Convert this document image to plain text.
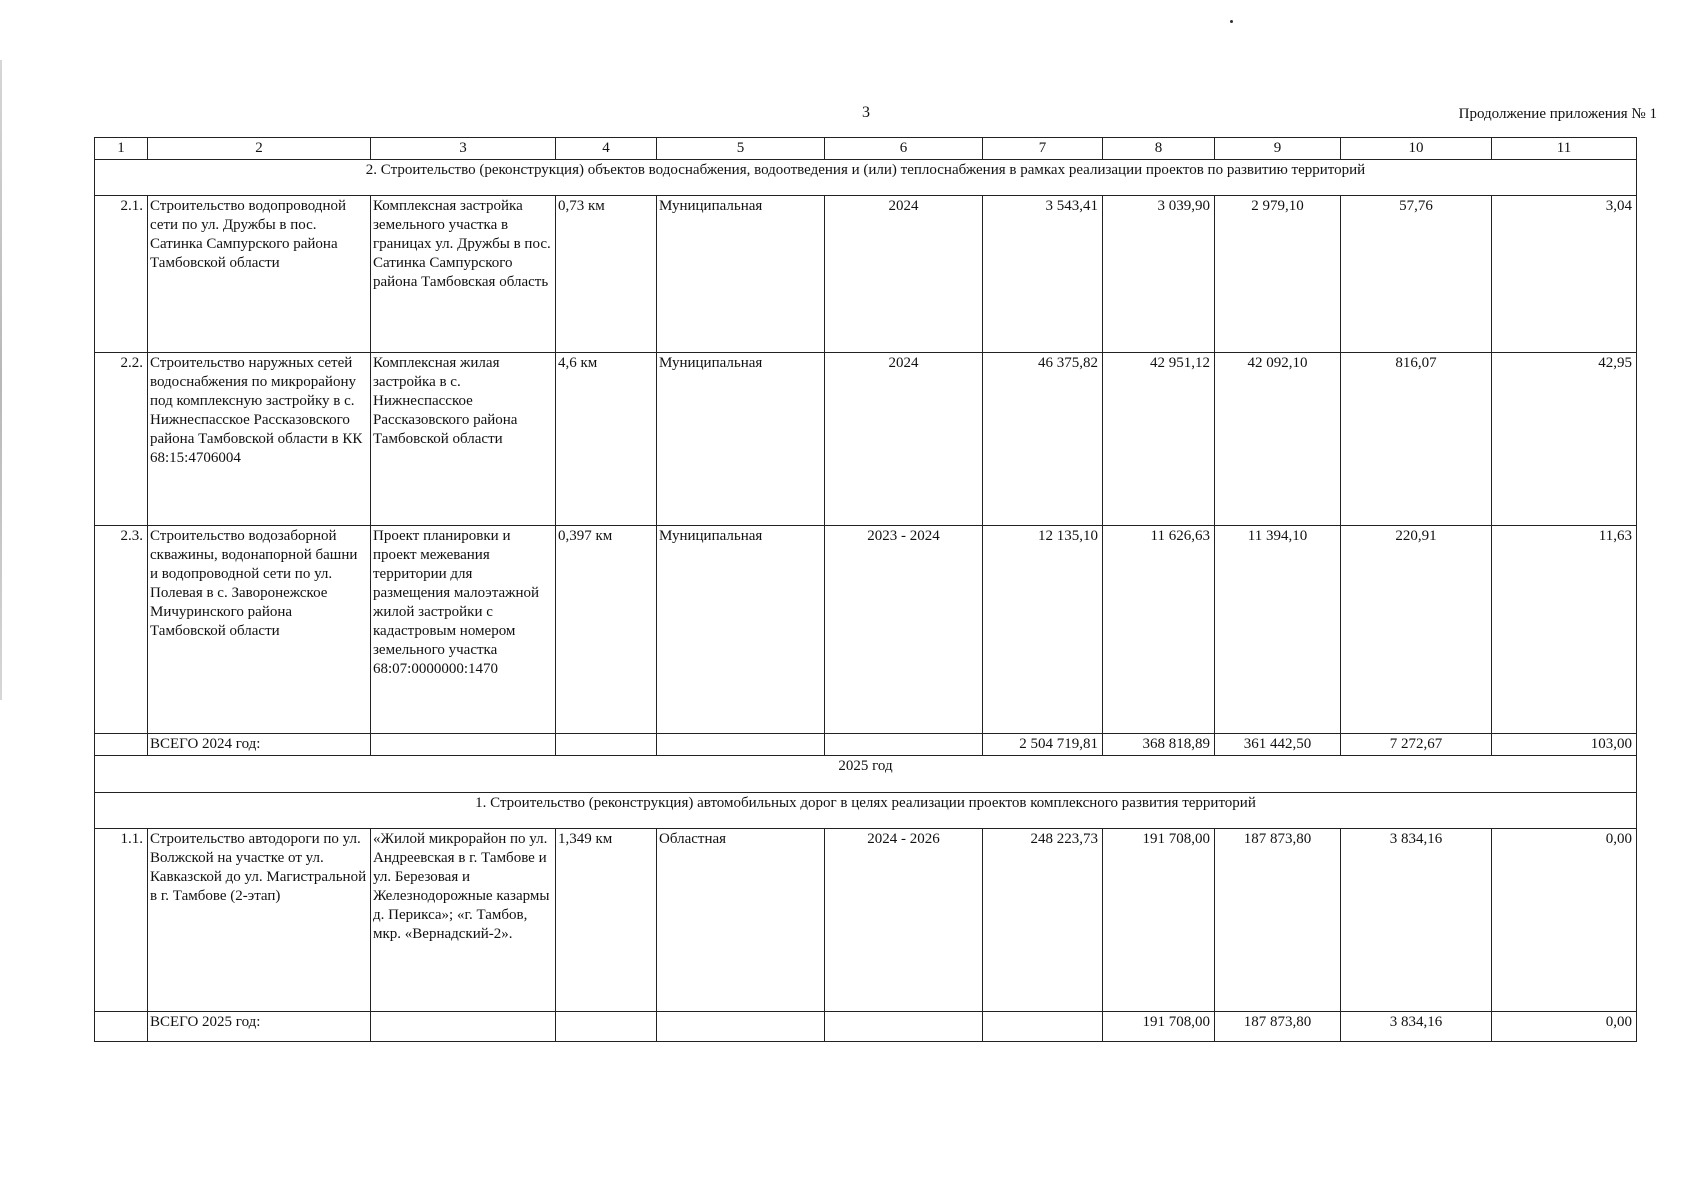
3	Продолжение приложения № 1
1	2	3	4	5	6	7	8	9	10	11
2. Строительство (реконструкция) объектов водоснабжения, водоотведения и (или) теплоснабжения в рамках реализации проектов по развитию территорий										
2.1.	Строительство водопроводной сети по ул. Дружбы в пос. Сатинка Сампурского района Тамбовской области	Комплексная застройка земельного участка в границах ул. Дружбы в пос. Сатинка Сампурского района Тамбовская область	0,73 км	Муниципальная	2024	3 543,41	3 039,90	2 979,10	57,76	3,04
2.2.	Строительство наружных сетей водоснабжения по микрорайону под комплексную застройку в с. Нижнеспасское Рассказовского района Тамбовской области в КК 68:15:4706004	Комплексная жилая застройка в с. Нижнеспасское Рассказовского района Тамбовской области	4,6 км	Муниципальная	2024	46 375,82	42 951,12	42 092,10	816,07	42,95
2.3.	Строительство водозаборной скважины, водонапорной башни и водопроводной сети по ул. Полевая в с. Заворонежское Мичуринского района Тамбовской области	Проект планировки и проект межевания территории для размещения малоэтажной жилой застройки с кадастровым номером земельного участка 68:07:0000000:1470	0,397 км	Муниципальная	2023 - 2024	12 135,10	11 626,63	11 394,10	220,91	11,63
	ВСЕГО 2024 год:					2 504 719,81	368 818,89	361 442,50	7 272,67	103,00
2025 год										
1. Строительство (реконструкция) автомобильных дорог в целях реализации проектов комплексного развития территорий										
1.1.	Строительство автодороги по ул. Волжской на участке от ул. Кавказской до ул. Магистральной в г. Тамбове (2-этап)	«Жилой микрорайон по ул. Андреевская в г. Тамбове и ул. Березовая и Железнодорожные казармы д. Перикса»; «г. Тамбов, мкр. «Вернадский-2».	1,349 км	Областная	2024 - 2026	248 223,73	191 708,00	187 873,80	3 834,16	0,00
	ВСЕГО 2025 год:						191 708,00	187 873,80	3 834,16	0,00
